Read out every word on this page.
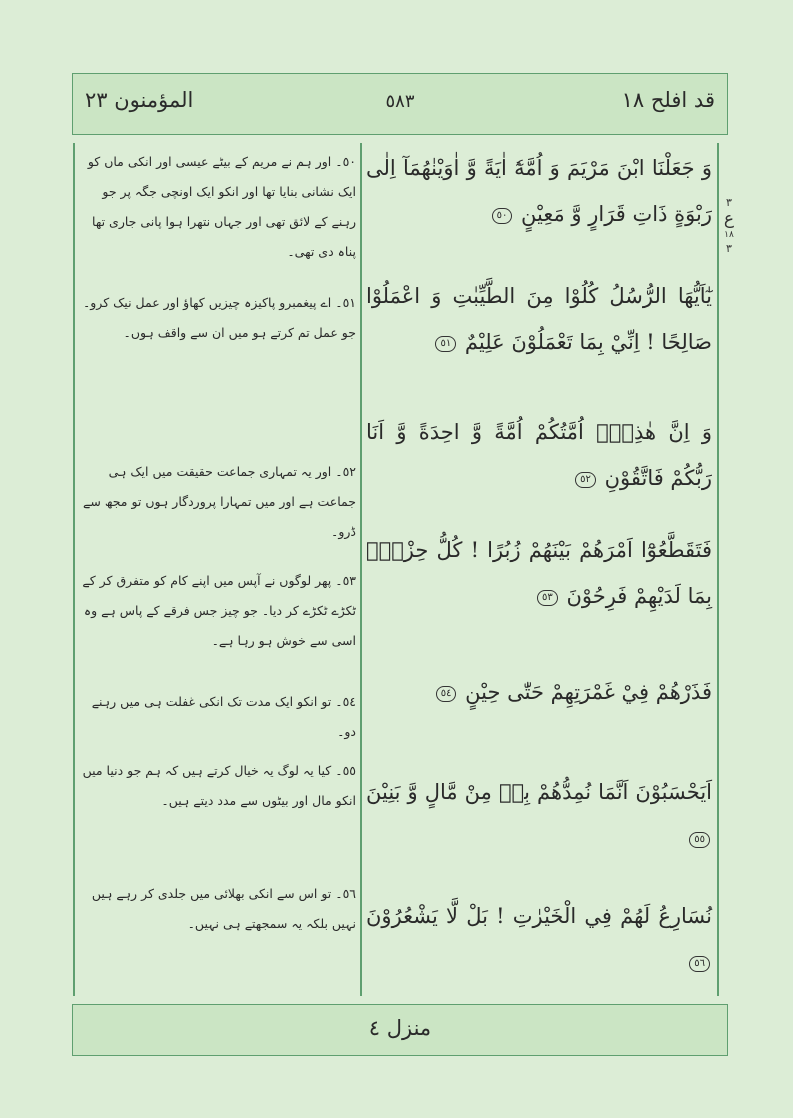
قد افلح ١٨
٥٨٣
المؤمنون ٢٣
٣
ع
١٨
٣
وَ جَعَلْنَا ابْنَ مَرْيَمَ وَ اُمَّهٗٓ اٰيَةً وَّ اٰوَيْنٰهُمَآ اِلٰى رَبْوَةٍ ذَاتِ قَرَارٍ وَّ مَعِيْنٍ ٥٠
يٰٓاَيُّهَا الرُّسُلُ كُلُوْا مِنَ الطَّيِّبٰتِ وَ اعْمَلُوْا صَالِحًا ! اِنِّيْ بِمَا تَعْمَلُوْنَ عَلِيْمٌ ٥١
وَ اِنَّ هٰذِهٖٓ اُمَّتُكُمْ اُمَّةً وَّ احِدَةً وَّ اَنَا رَبُّكُمْ فَاتَّقُوْنِ ٥٢
فَتَقَطَّعُوْٓا اَمْرَهُمْ بَيْنَهُمْ زُبُرًا ! كُلُّ حِزْبٍۢ بِمَا لَدَيْهِمْ فَرِحُوْنَ ٥٣
فَذَرْهُمْ فِيْ غَمْرَتِهِمْ حَتّٰى حِيْنٍ ٥٤
اَيَحْسَبُوْنَ اَنَّمَا نُمِدُّهُمْ بِهٖ مِنْ مَّالٍ وَّ بَنِيْنَ ٥٥
نُسَارِعُ لَهُمْ فِي الْخَيْرٰتِ ! بَلْ لَّا يَشْعُرُوْنَ ٥٦
٥٠۔ اور ہم نے مریم کے بیٹے عیسی اور انکی ماں کو ایک نشانی بنایا تھا اور انکو ایک اونچی جگہ پر جو رہنے کے لائق تھی اور جہاں نتھرا ہوا پانی جاری تھا پناہ دی تھی۔
٥١۔ اے پیغمبرو پاکیزہ چیزیں کھاؤ اور عمل نیک کرو۔ جو عمل تم کرتے ہو میں ان سے واقف ہوں۔
٥٢۔ اور یہ تمہاری جماعت حقیقت میں ایک ہی جماعت ہے اور میں تمہارا پروردگار ہوں تو مجھ سے ڈرو۔
٥٣۔ پھر لوگوں نے آپس میں اپنے کام کو متفرق کر کے ٹکڑے ٹکڑے کر دیا۔ جو چیز جس فرقے کے پاس ہے وہ اسی سے خوش ہو رہا ہے۔
٥٤۔ تو انکو ایک مدت تک انکی غفلت ہی میں رہنے دو۔
٥٥۔ کیا یہ لوگ یہ خیال کرتے ہیں کہ ہم جو دنیا میں انکو مال اور بیٹوں سے مدد دیتے ہیں۔
٥٦۔ تو اس سے انکی بھلائی میں جلدی کر رہے ہیں نہیں بلکہ یہ سمجھتے ہی نہیں۔
منزل ٤
